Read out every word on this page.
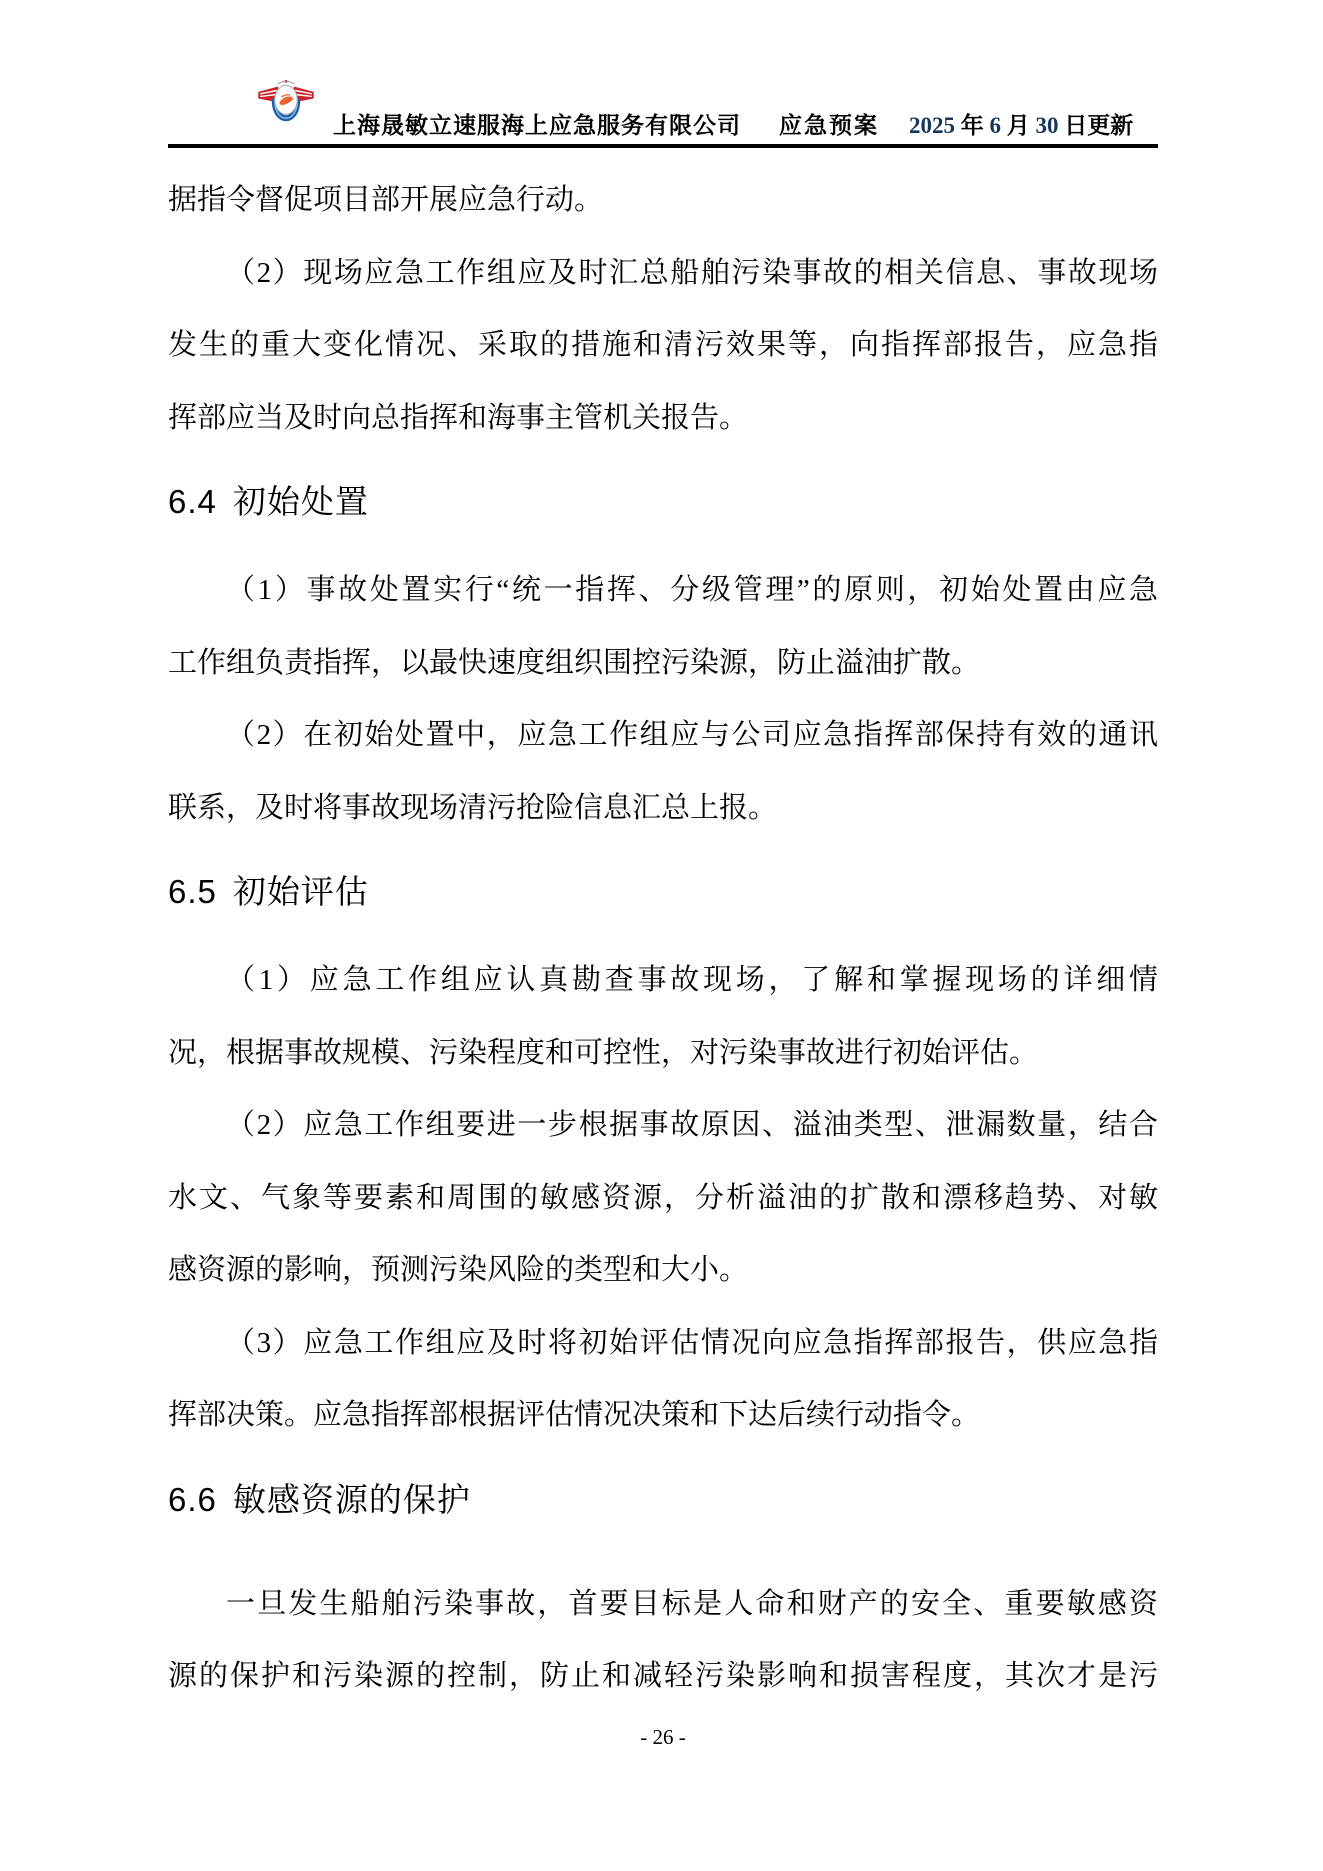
上海晟敏立速服海上应急服务有限公司 应急预案 2025 年 6 月 30 日更新
据指令督促项目部开展应急行动。
（2）现场应急工作组应及时汇总船舶污染事故的相关信息、事故现场
发生的重大变化情况、采取的措施和清污效果等，向指挥部报告，应急指
挥部应当及时向总指挥和海事主管机关报告。
6.4 初始处置
（1）事故处置实行“统一指挥、分级管理”的原则，初始处置由应急
工作组负责指挥，以最快速度组织围控污染源，防止溢油扩散。
（2）在初始处置中，应急工作组应与公司应急指挥部保持有效的通讯
联系，及时将事故现场清污抢险信息汇总上报。
6.5 初始评估
（1）应急工作组应认真勘查事故现场，了解和掌握现场的详细情
况，根据事故规模、污染程度和可控性，对污染事故进行初始评估。
（2）应急工作组要进一步根据事故原因、溢油类型、泄漏数量，结合
水文、气象等要素和周围的敏感资源，分析溢油的扩散和漂移趋势、对敏
感资源的影响，预测污染风险的类型和大小。
（3）应急工作组应及时将初始评估情况向应急指挥部报告，供应急指
挥部决策。应急指挥部根据评估情况决策和下达后续行动指令。
6.6 敏感资源的保护
一旦发生船舶污染事故，首要目标是人命和财产的安全、重要敏感资
源的保护和污染源的控制，防止和减轻污染影响和损害程度，其次才是污
- 26 -
